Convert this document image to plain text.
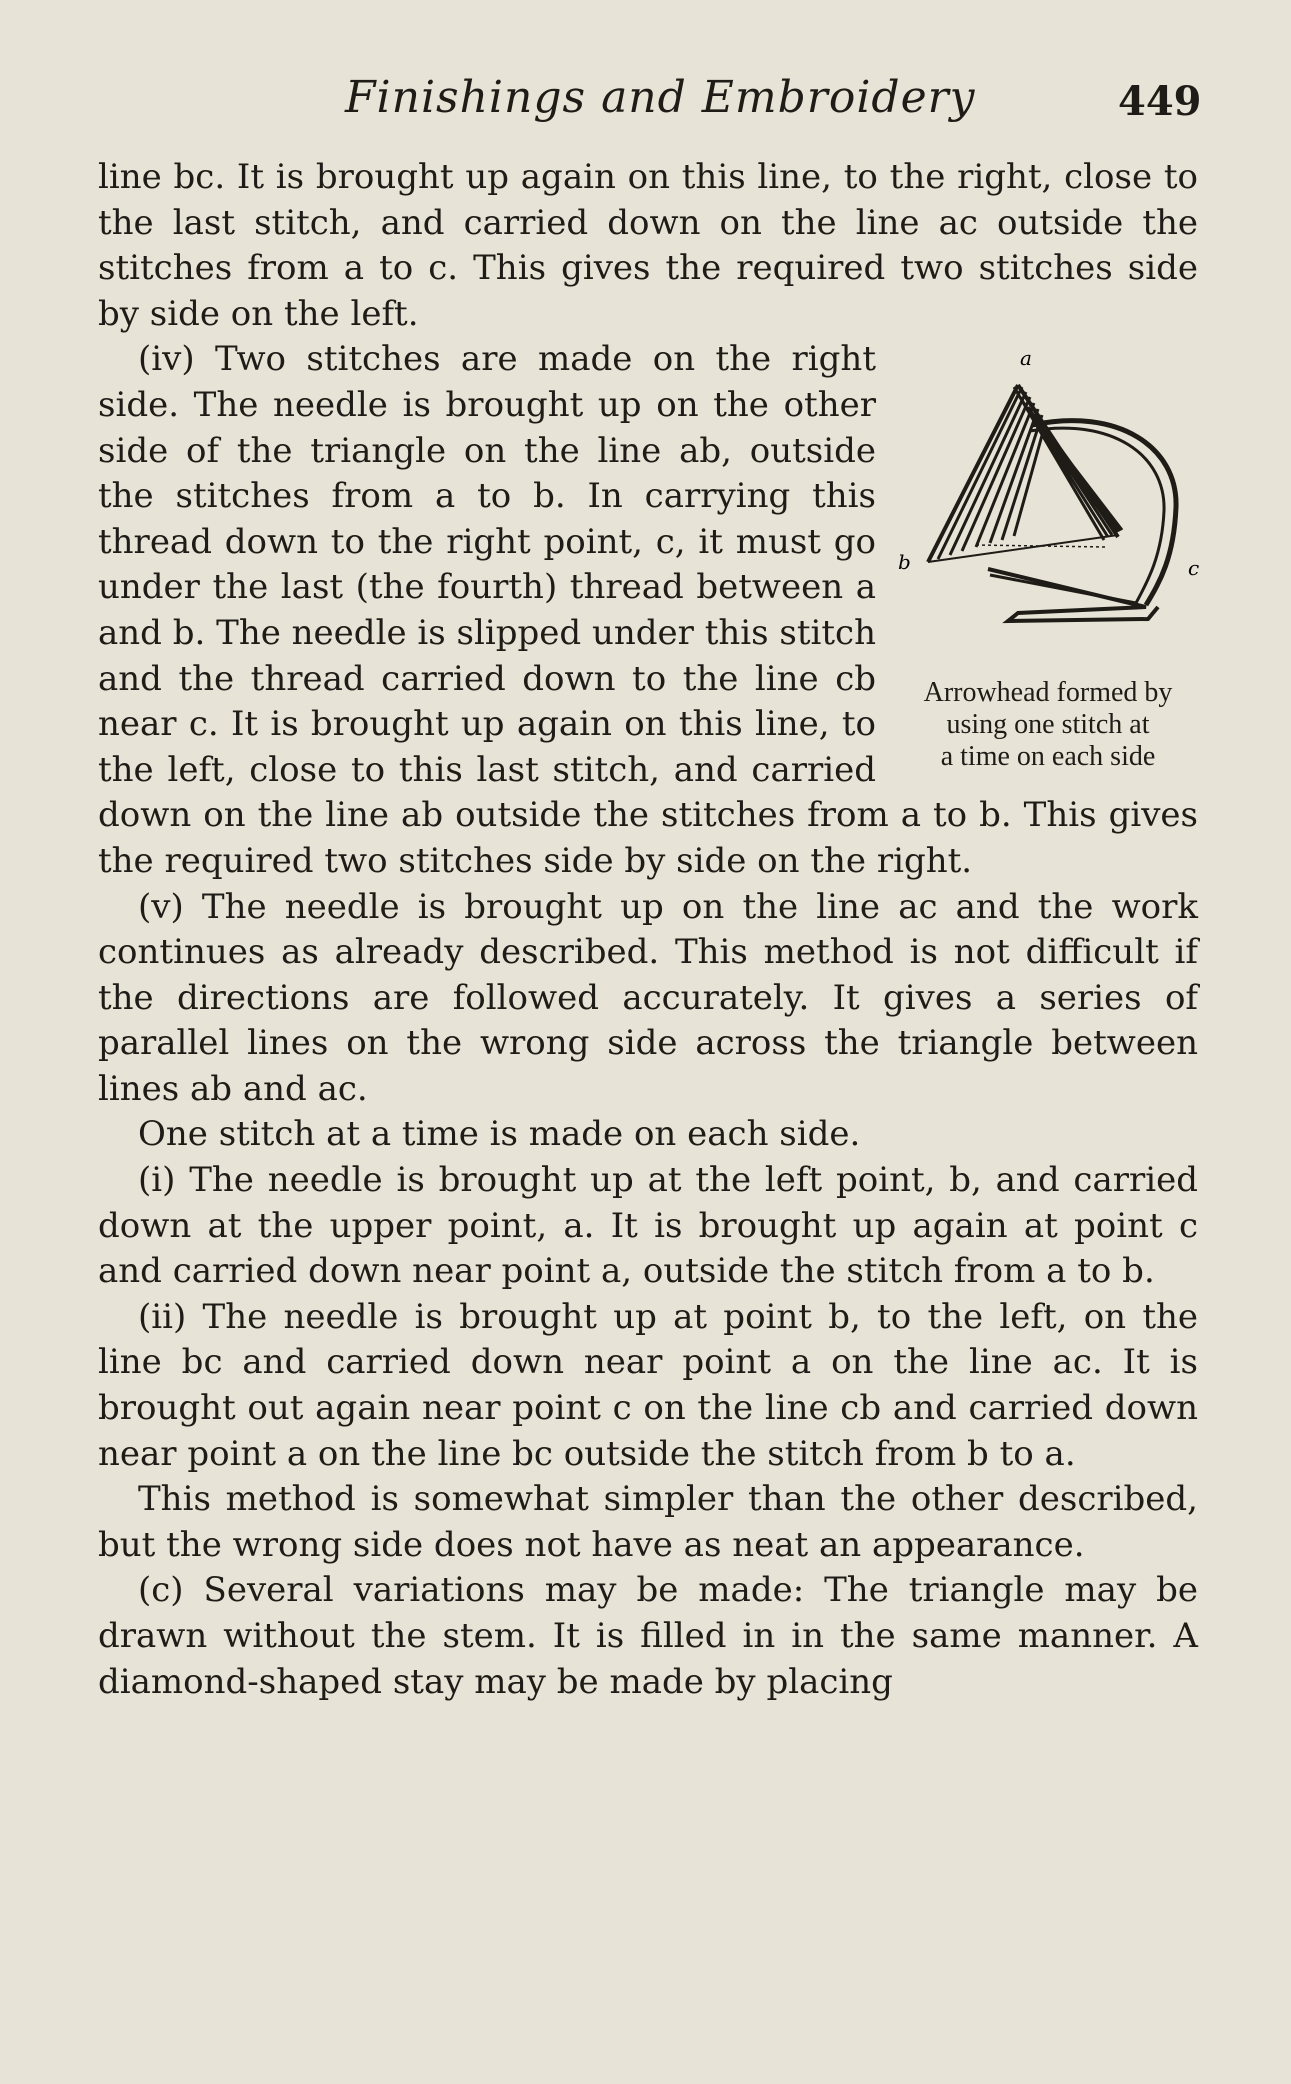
Finishings and Embroidery	449

line bc. It is brought up again on this line, to the right, close to the last stitch, and carried down on the line ac outside the stitches from a to c. This gives the required two stitches side by side on the left.

a
b	c
Arrowhead formed by
using one stitch at
a time on each side

(iv) Two stitches are made on the right side. The needle is brought up on the other side of the triangle on the line ab, outside the stitches from a to b. In carrying this thread down to the right point, c, it must go under the last (the fourth) thread between a and b. The needle is slipped under this stitch and the thread carried down to the line cb near c. It is brought up again on this line, to the left, close to this last stitch, and carried down on the line ab outside the stitches from a to b. This gives the required two stitches side by side on the right.

(v) The needle is brought up on the line ac and the work continues as already described. This method is not difficult if the directions are followed accurately. It gives a series of parallel lines on the wrong side across the triangle between lines ab and ac.

One stitch at a time is made on each side.

(i) The needle is brought up at the left point, b, and carried down at the upper point, a. It is brought up again at point c and carried down near point a, outside the stitch from a to b.

(ii) The needle is brought up at point b, to the left, on the line bc and carried down near point a on the line ac. It is brought out again near point c on the line cb and carried down near point a on the line bc outside the stitch from b to a.

This method is somewhat simpler than the other described, but the wrong side does not have as neat an appearance.

(c) Several variations may be made: The triangle may be drawn without the stem. It is filled in in the same manner. A diamond-shaped stay may be made by placing
